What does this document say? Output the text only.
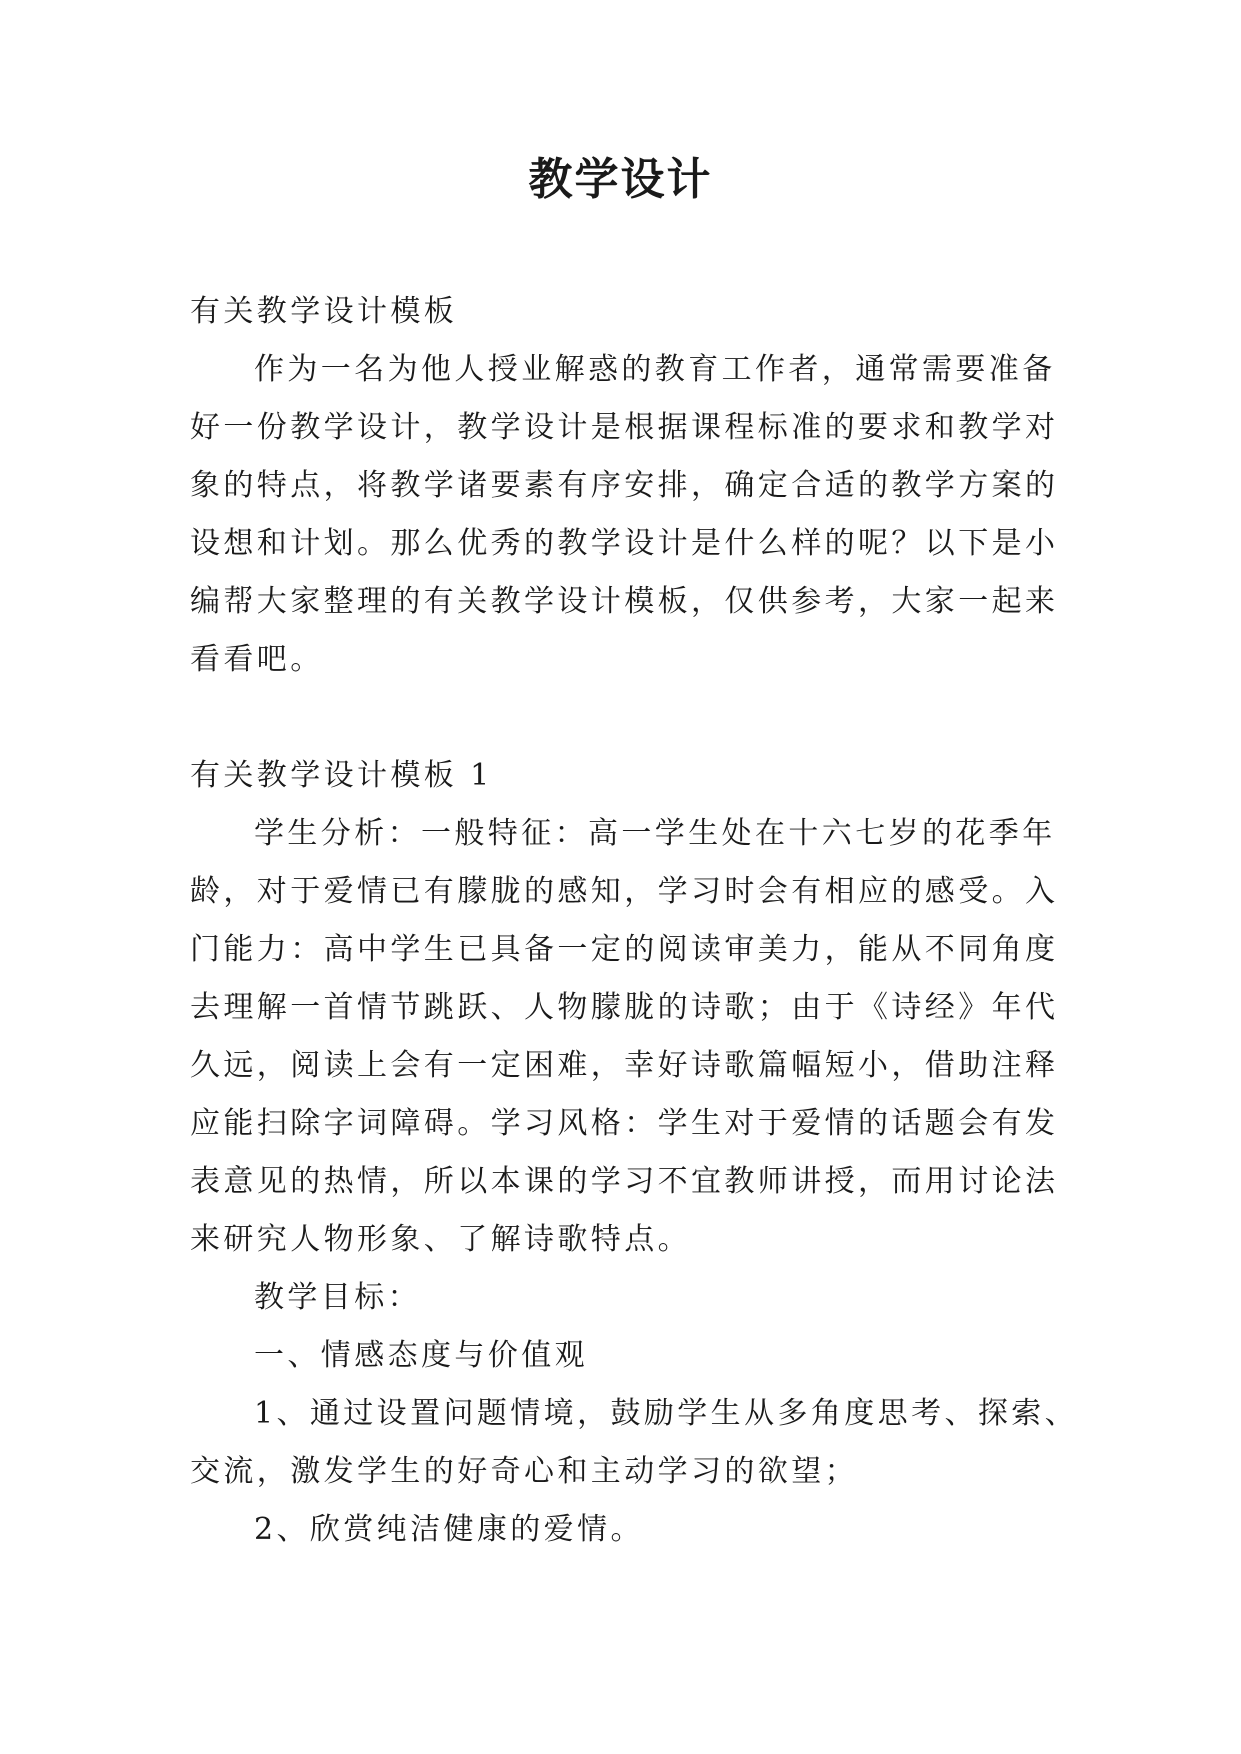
教学设计

有关教学设计模板

作为一名为他人授业解惑的教育工作者，通常需要准备

好一份教学设计，教学设计是根据课程标准的要求和教学对

象的特点，将教学诸要素有序安排，确定合适的教学方案的

设想和计划。那么优秀的教学设计是什么样的呢？以下是小

编帮大家整理的有关教学设计模板，仅供参考，大家一起来

看看吧。

有关教学设计模板 1

学生分析：一般特征：高一学生处在十六七岁的花季年

龄，对于爱情已有朦胧的感知，学习时会有相应的感受。入

门能力：高中学生已具备一定的阅读审美力，能从不同角度

去理解一首情节跳跃、人物朦胧的诗歌；由于《诗经》年代

久远，阅读上会有一定困难，幸好诗歌篇幅短小，借助注释

应能扫除字词障碍。学习风格：学生对于爱情的话题会有发

表意见的热情，所以本课的学习不宜教师讲授，而用讨论法

来研究人物形象、了解诗歌特点。

教学目标：

一、情感态度与价值观

1、通过设置问题情境，鼓励学生从多角度思考、探索、

交流，激发学生的好奇心和主动学习的欲望；

2、欣赏纯洁健康的爱情。
